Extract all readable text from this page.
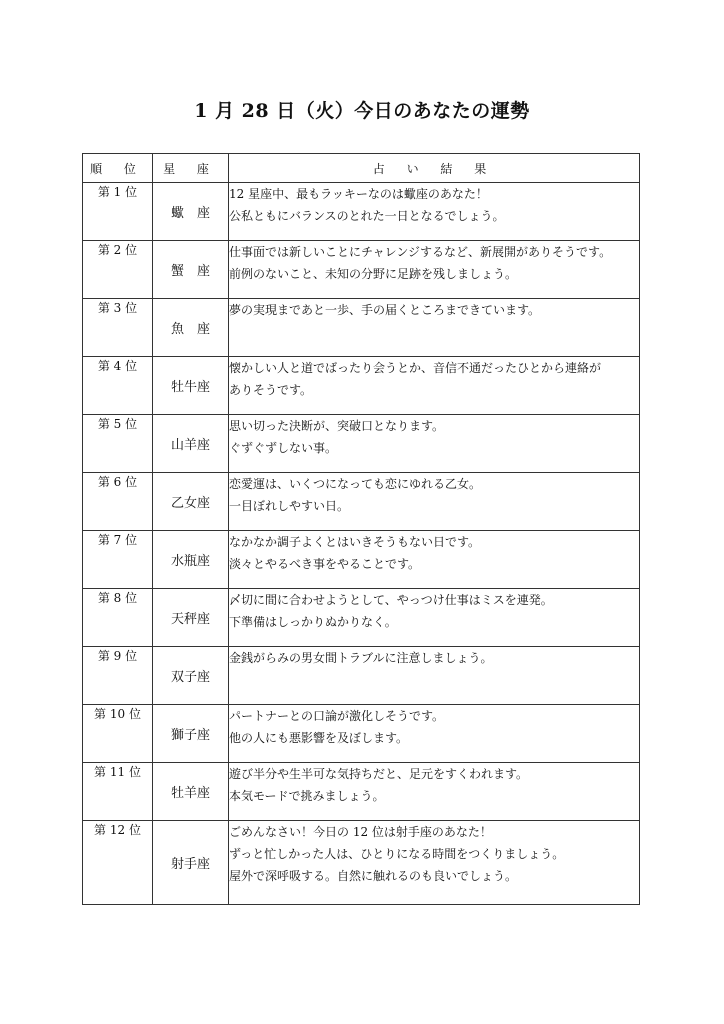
1 月 28 日（火）今日のあなたの運勢
順 位	星 座	占 い 結 果
第 1 位	蠍　座	12 星座中、最もラッキーなのは蠍座のあなた！
公私ともにバランスのとれた一日となるでしょう。

第 2 位	蟹　座	仕事面では新しいことにチャレンジするなど、新展開がありそうです。
前例のないこと、未知の分野に足跡を残しましょう。

第 3 位	魚　座	夢の実現まであと一歩、手の届くところまできています。

第 4 位	牡牛座	懐かしい人と道でばったり会うとか、音信不通だったひとから連絡が
ありそうです。

第 5 位	山羊座	思い切った決断が、突破口となります。
ぐずぐずしない事。

第 6 位	乙女座	恋愛運は、いくつになっても恋にゆれる乙女。
一目ぼれしやすい日。

第 7 位	水瓶座	なかなか調子よくとはいきそうもない日です。
淡々とやるべき事をやることです。

第 8 位	天秤座	〆切に間に合わせようとして、やっつけ仕事はミスを連発。
下準備はしっかりぬかりなく。

第 9 位	双子座	金銭がらみの男女間トラブルに注意しましょう。

第 10 位	獅子座	パートナーとの口論が激化しそうです。
他の人にも悪影響を及ぼします。

第 11 位	牡羊座	遊び半分や生半可な気持ちだと、足元をすくわれます。
本気モードで挑みましょう。

第 12 位	射手座	ごめんなさい！今日の 12 位は射手座のあなた！
ずっと忙しかった人は、ひとりになる時間をつくりましょう。
屋外で深呼吸する。自然に触れるのも良いでしょう。
